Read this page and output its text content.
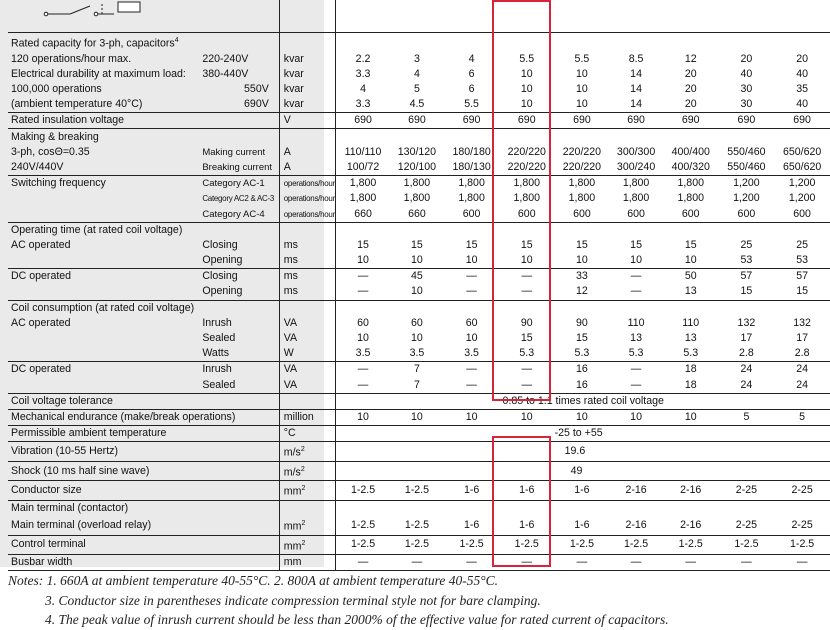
Rated capacity for 3-ph, capacitors$^4$										
120 operations/hour max.	220-240V	kvar	2.2	3	4	5.5	5.5	8.5	12	20	20
Electrical durability at maximum load:	380-440V	kvar	3.3	4	6	10	10	14	20	40	40
100,000 operations	550V	kvar	4	5	6	10	10	14	20	30	35
(ambient temperature 40°C)	690V	kvar	3.3	4.5	5.5	10	10	14	20	30	40
Rated insulation voltage		V	690	690	690	690	690	690	690	690	690
Making & breaking											
3-ph, cosΘ=0.35	Making current	A	110/110	130/120	180/180	220/220	220/220	300/300	400/400	550/460	650/620
240V/440V	Breaking current	A	100/72	120/100	180/130	220/220	220/220	300/240	400/320	550/460	650/620
Switching frequency	Category AC-1	operations/hour	1,800	1,800	1,800	1,800	1,800	1,800	1,800	1,200	1,200
	Category AC2 & AC-3	operations/hour	1,800	1,800	1,800	1,800	1,800	1,800	1,800	1,200	1,200
	Category AC-4	operations/hour	660	660	600	600	600	600	600	600	600
Operating time (at rated coil voltage)											
AC operated	Closing	ms	15	15	15	15	15	15	15	25	25
	Opening	ms	10	10	10	10	10	10	10	53	53
DC operated	Closing	ms	—	45	—	—	33	—	50	57	57
	Opening	ms	—	10	—	—	12	—	13	15	15
Coil consumption (at rated coil voltage)											
AC operated	Inrush	VA	60	60	60	90	90	110	110	132	132
	Sealed	VA	10	10	10	15	15	13	13	17	17
	Watts	W	3.5	3.5	3.5	5.3	5.3	5.3	5.3	2.8	2.8
DC operated	Inrush	VA	—	7	—	—	16	—	18	24	24
	Sealed	VA	—	7	—	—	16	—	18	24	24
Coil voltage tolerance			0.85 to 1.1 times rated coil voltage								
Mechanical endurance (make/break operations)		million	10	10	10	10	10	10	10	5	5
Permissible ambient temperature		°C					-25 to +55				
Vibration (10-55 Hertz)		$m/s^2$					19.6				
Shock (10 ms half sine wave)		$m/s^2$					49				
Conductor size		$mm^2$	1-2.5	1-2.5	1-6	1-6	1-6	2-16	2-16	2-25	2-25
Main terminal (contactor)											
Main terminal (overload relay)		$mm^2$	1-2.5	1-2.5	1-6	1-6	1-6	2-16	2-16	2-25	2-25
Control terminal		$mm^2$	1-2.5	1-2.5	1-2.5	1-2.5	1-2.5	1-2.5	1-2.5	1-2.5	1-2.5
Busbar width		mm	—	—	—	—	—	—	—	—	—
Notes: 1. 660A at ambient temperature 40-55°C. 2. 800A at ambient temperature 40-55°C.
3. Conductor size in parentheses indicate compression terminal style not for bare clamping.
4. The peak value of inrush current should be less than 2000% of the effective value for rated current of capacitors.
